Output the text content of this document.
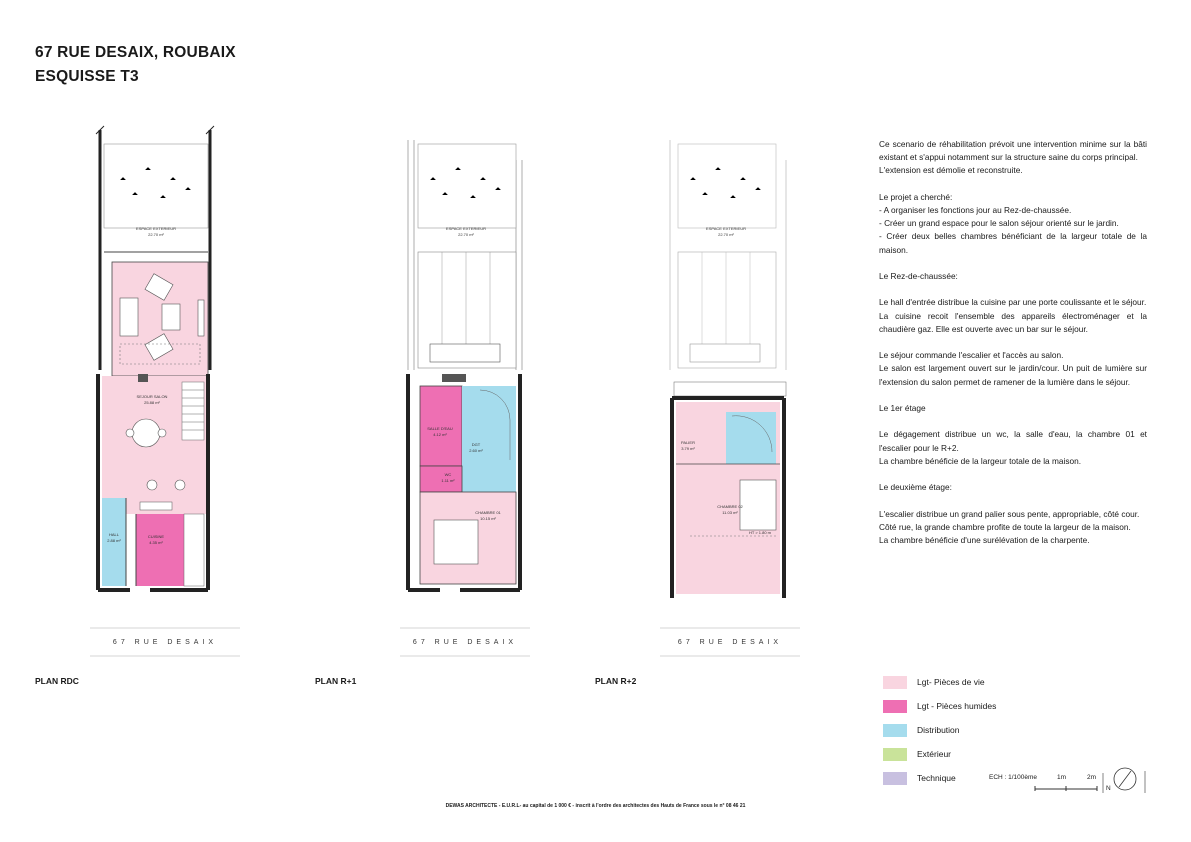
67 RUE DESAIX, ROUBAIX
ESQUISSE T3
ESPACE EXTERIEUR
22.70 m²
SEJOUR SALON
25.88 m²
HALL
2.88 m²
CUISINE
4.35 m²
67 RUE DESAIX
PLAN RDC
ESPACE EXTERIEUR
22.70 m²
SALLE D'EAU
4.12 m²
DGT
2.60 m²
WC
1.11 m²
CHAMBRE 01
10.15 m²
67 RUE DESAIX
PLAN R+1
ESPACE EXTERIEUR
22.70 m²
PALIER
3.79 m²
CHAMBRE 02
11.03 m²
HT > 1.80 m
67 RUE DESAIX
PLAN R+2

Ce scenario de réhabilitation prévoit une intervention minime sur la bâti existant et s'appui notamment sur la structure saine du corps principal.

L'extension est démolie et reconstruite.

Le projet a cherché:

- A organiser les fonctions jour au Rez-de-chaussée.

- Créer un grand espace pour le salon séjour orienté sur le jardin.

- Créer deux belles chambres bénéficiant de la largeur totale de la maison.

Le Rez-de-chaussée:

Le hall d'entrée distribue la cuisine par une porte coulissante et le séjour.

La cuisine recoit l'ensemble des appareils électroménager et la chaudière gaz. Elle est ouverte avec un bar sur le séjour.

Le séjour commande l'escalier et l'accès au salon.

Le salon est largement ouvert sur le jardin/cour. Un puit de lumière sur l'extension du salon permet de ramener de la lumière dans le séjour.

Le 1er étage

Le dégagement distribue un wc, la salle d'eau, la chambre 01 et l'escalier pour le R+2.

La chambre bénéficie de la largeur totale de la maison.

Le deuxième étage:

L'escalier distribue un grand palier sous pente, appropriable, côté cour.

Côté rue, la grande chambre profite de toute la largeur de la maison.

La chambre bénéficie d'une surélévation de la charpente.

Lgt- Pièces de vie
Lgt - Pièces humides
Distribution
Extérieur
Technique	ECH : 1/100ème	1m	2m
N
DEWAS ARCHITECTE - E.U.R.L- au capital de 1 000 € - inscrit à l'ordre des architectes des Hauts de France sous le n° 08 46 21
